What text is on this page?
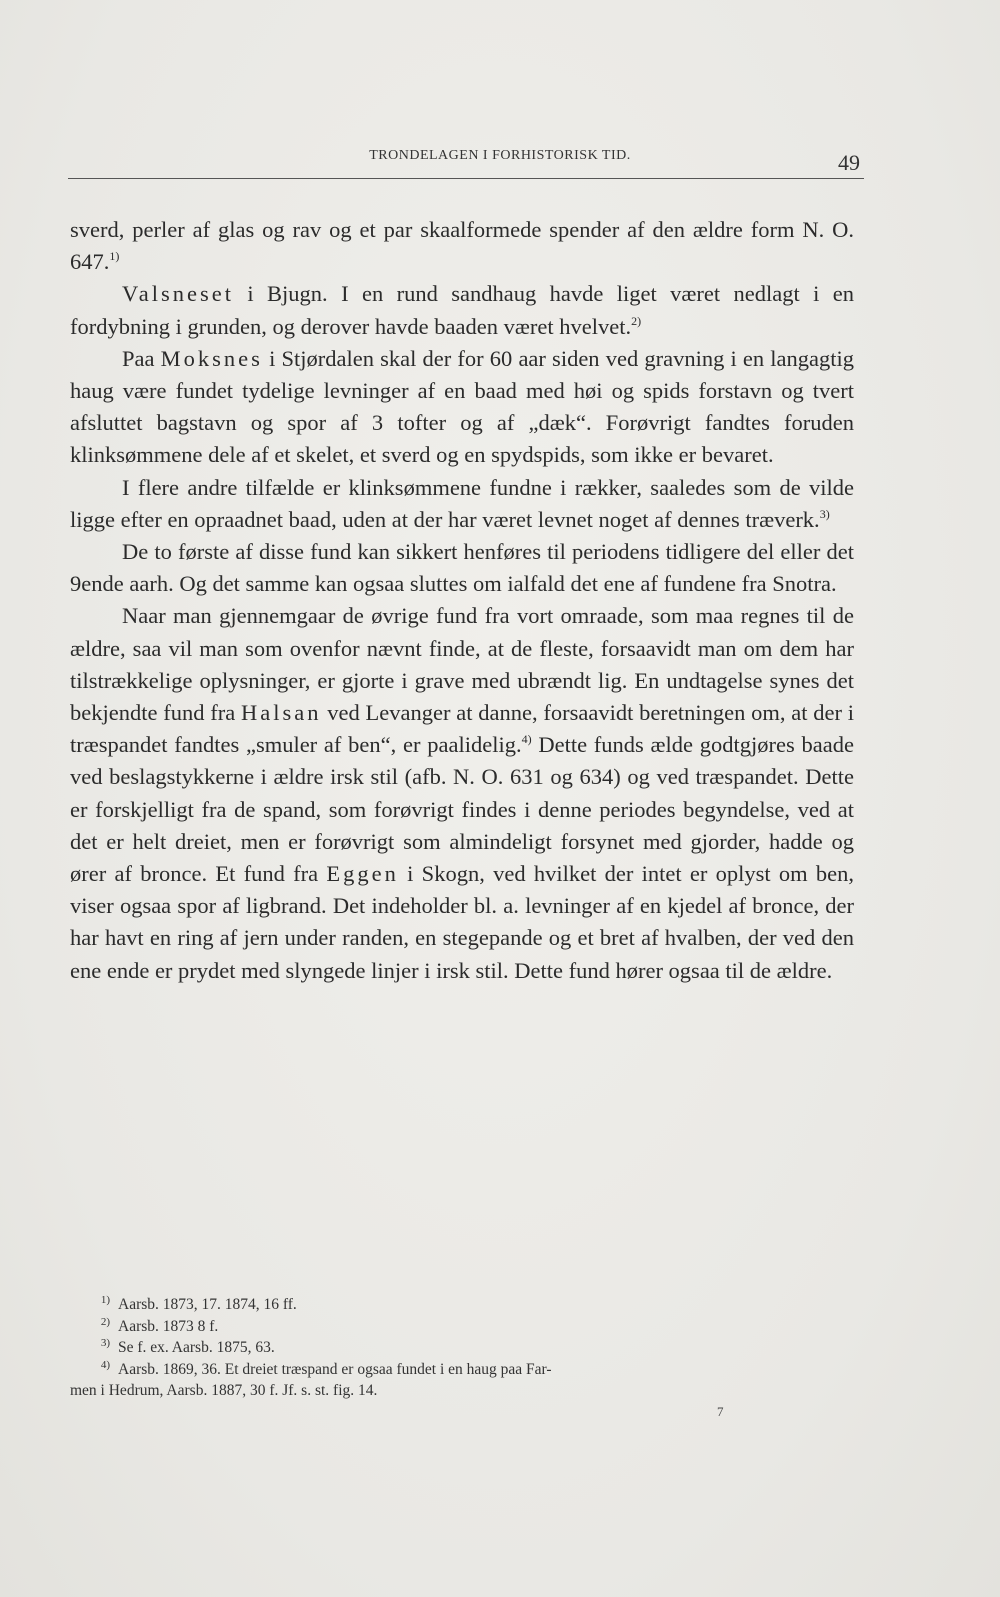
TRONDELAGEN I FORHISTORISK TID.	49

sverd, perler af glas og rav og et par skaalformede spender af den ældre form N. O. 647.$^{1)}$

Valsneset i Bjugn. I en rund sandhaug havde liget været nedlagt i en fordybning i grunden, og derover havde baaden været hvelvet.$^{2)}$

Paa Moksnes i Stjørdalen skal der for 60 aar siden ved gravning i en langagtig haug være fundet tydelige levninger af en baad med høi og spids forstavn og tvert afsluttet bagstavn og spor af 3 tofter og af „dæk“. Forøvrigt fandtes foruden klinksømmene dele af et skelet, et sverd og en spydspids, som ikke er bevaret.

I flere andre tilfælde er klinksømmene fundne i rækker, saaledes som de vilde ligge efter en opraadnet baad, uden at der har været levnet noget af dennes træverk.$^{3)}$

De to første af disse fund kan sikkert henføres til periodens tidligere del eller det 9ende aarh. Og det samme kan ogsaa sluttes om ialfald det ene af fundene fra Snotra.

Naar man gjennemgaar de øvrige fund fra vort omraade, som maa regnes til de ældre, saa vil man som ovenfor nævnt finde, at de fleste, forsaavidt man om dem har tilstrækkelige oplysninger, er gjorte i grave med ubrændt lig. En undtagelse synes det bekjendte fund fra Halsan ved Levanger at danne, forsaavidt beretningen om, at der i træspandet fandtes „smuler af ben“, er paalidelig.$^{4)}$ Dette funds ælde godtgjøres baade ved beslagstykkerne i ældre irsk stil (afb. N. O. 631 og 634) og ved træspandet. Dette er forskjelligt fra de spand, som forøvrigt findes i denne periodes begyndelse, ved at det er helt dreiet, men er forøvrigt som almindeligt forsynet med gjorder, hadde og ører af bronce. Et fund fra Eggen i Skogn, ved hvilket der intet er oplyst om ben, viser ogsaa spor af ligbrand. Det indeholder bl. a. levninger af en kjedel af bronce, der har havt en ring af jern under randen, en stegepande og et bret af hvalben, der ved den ene ende er prydet med slyngede linjer i irsk stil. Dette fund hører ogsaa til de ældre.

$^{1)}$ Aarsb. 1873, 17. 1874, 16 ff.
$^{2)}$ Aarsb. 1873 8 f.
$^{3)}$ Se f. ex. Aarsb. 1875, 63.
$^{4)}$ Aarsb. 1869, 36. Et dreiet træspand er ogsaa fundet i en haug paa Far-
men i Hedrum, Aarsb. 1887, 30 f. Jf. s. st. fig. 14.
7
